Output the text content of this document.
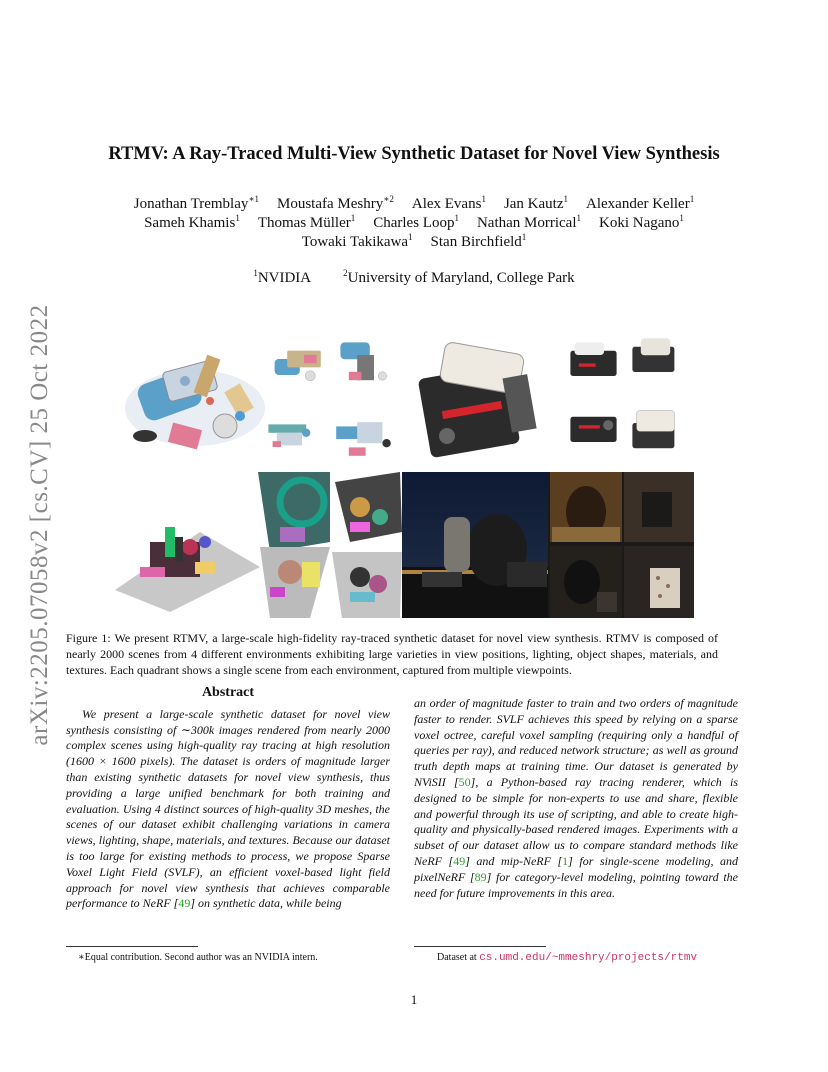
arXiv:2205.07058v2 [cs.CV] 25 Oct 2022
RTMV: A Ray-Traced Multi-View Synthetic Dataset for Novel View Synthesis
Jonathan Tremblay$^{∗1}$ Moustafa Meshry$^{∗2}$ Alex Evans$^1$ Jan Kautz$^1$ Alexander Keller$^1$
Sameh Khamis$^1$ Thomas Müller$^1$ Charles Loop$^1$ Nathan Morrical$^1$ Koki Nagano$^1$
Towaki Takikawa$^1$ Stan Birchfield$^1$
$^1$NVIDIA	$^2$University of Maryland, College Park
Figure 1: We present RTMV, a large-scale high-fidelity ray-traced synthetic dataset for novel view synthesis. RTMV is composed of nearly 2000 scenes from 4 different environments exhibiting large varieties in view positions, lighting, object shapes, materials, and textures. Each quadrant shows a single scene from each environment, captured from multiple viewpoints.
Abstract

We present a large-scale synthetic dataset for novel view synthesis consisting of ∼300k images rendered from nearly 2000 complex scenes using high-quality ray tracing at high resolution (1600 × 1600 pixels). The dataset is orders of magnitude larger than existing synthetic datasets for novel view synthesis, thus providing a large unified benchmark for both training and evaluation. Using 4 distinct sources of high-quality 3D meshes, the scenes of our dataset exhibit challenging variations in camera views, lighting, shape, materials, and textures. Because our dataset is too large for existing methods to process, we propose Sparse Voxel Light Field (SVLF), an efficient voxel-based light field approach for novel view synthesis that achieves comparable performance to NeRF [49] on synthetic data, while being

an order of magnitude faster to train and two orders of magnitude faster to render. SVLF achieves this speed by relying on a sparse voxel octree, careful voxel sampling (requiring only a handful of queries per ray), and reduced network structure; as well as ground truth depth maps at training time. Our dataset is generated by NViSII [50], a Python-based ray tracing renderer, which is designed to be simple for non-experts to use and share, flexible and powerful through its use of scripting, and able to create high-quality and physically-based rendered images. Experiments with a subset of our dataset allow us to compare standard methods like NeRF [49] and mip-NeRF [1] for single-scene modeling, and pixelNeRF [89] for category-level modeling, pointing toward the need for future improvements in this area.

∗Equal contribution. Second author was an NVIDIA intern.	Dataset at cs.umd.edu/~mmeshry/projects/rtmv
1
